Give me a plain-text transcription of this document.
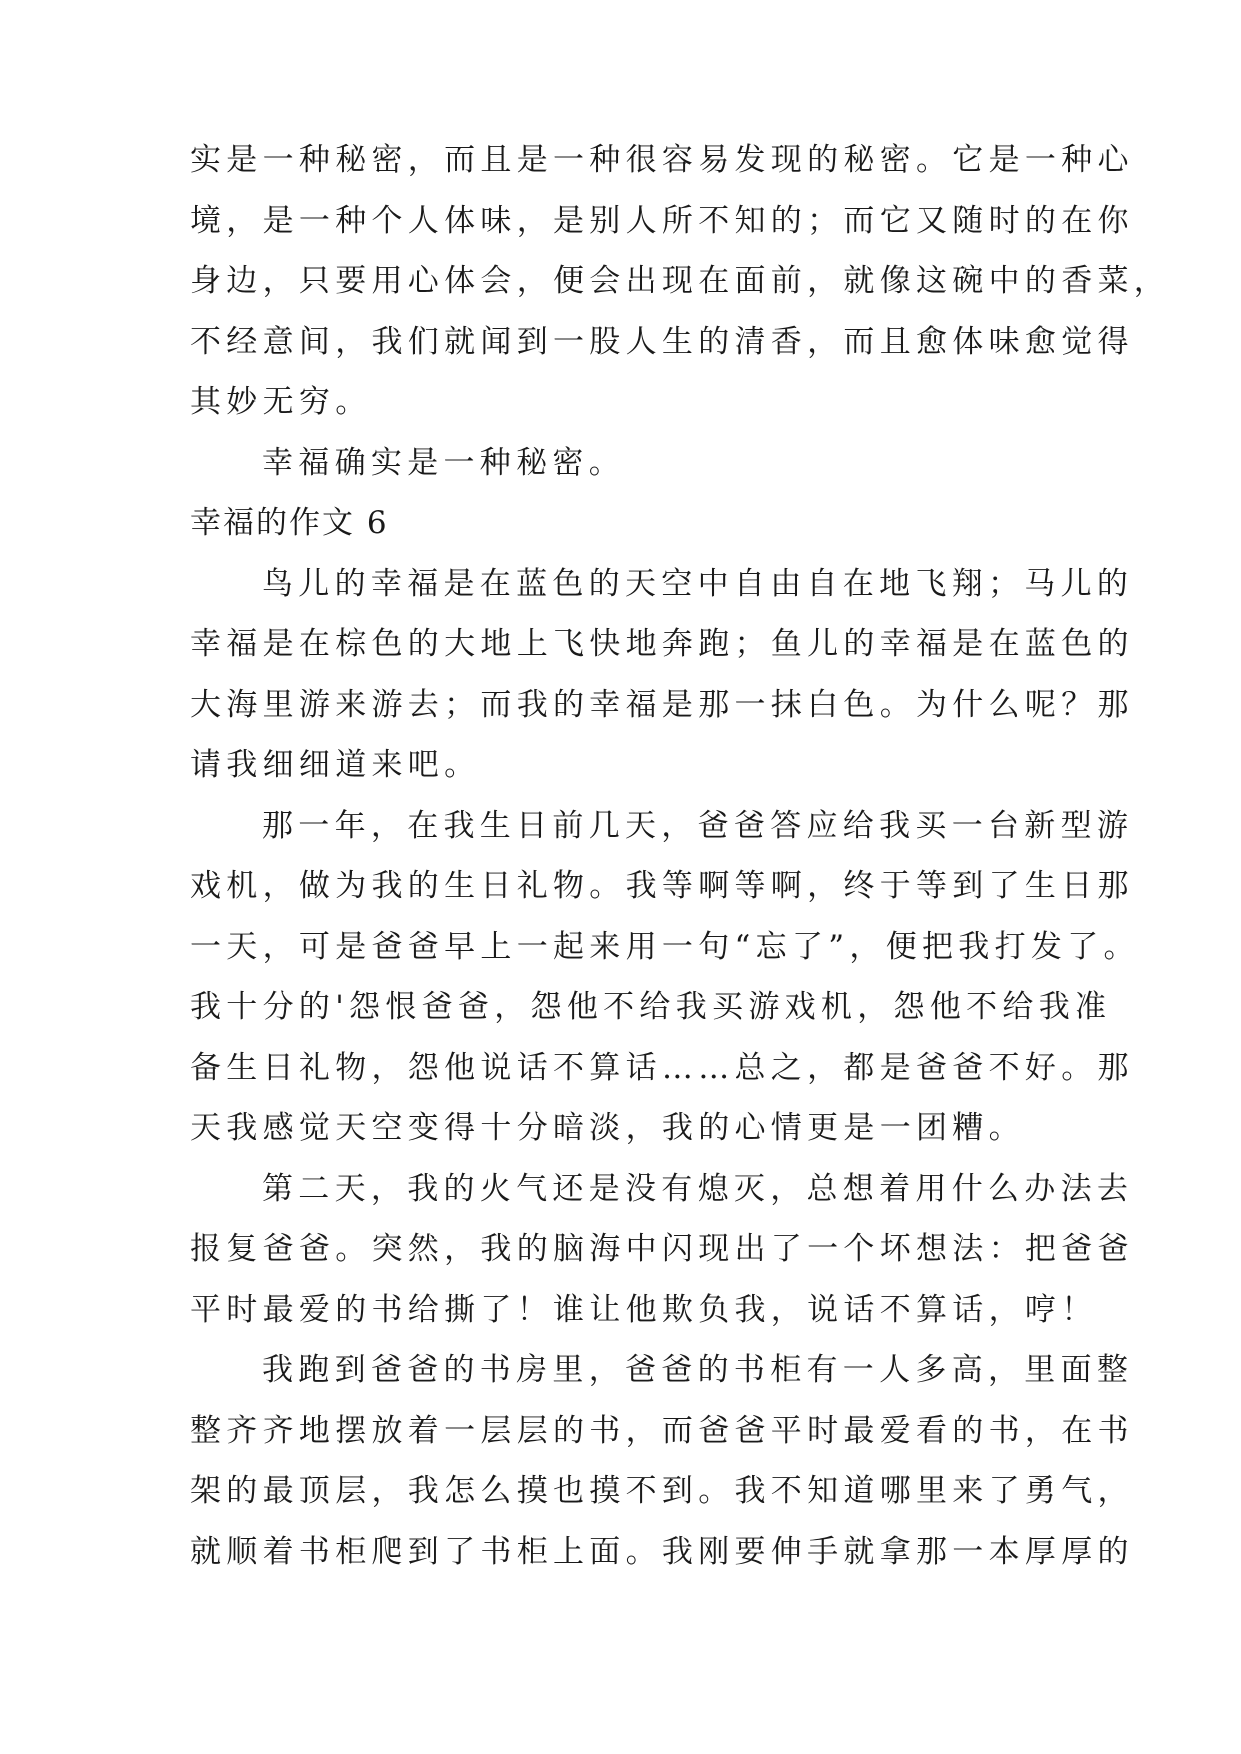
实是一种秘密，而且是一种很容易发现的秘密。它是一种心
境，是一种个人体味，是别人所不知的；而它又随时的在你
身边，只要用心体会，便会出现在面前，就像这碗中的香菜，
不经意间，我们就闻到一股人生的清香，而且愈体味愈觉得
其妙无穷。
幸福确实是一种秘密。
幸福的作文 6
鸟儿的幸福是在蓝色的天空中自由自在地飞翔；马儿的
幸福是在棕色的大地上飞快地奔跑；鱼儿的幸福是在蓝色的
大海里游来游去；而我的幸福是那一抹白色。为什么呢？那
请我细细道来吧。
那一年，在我生日前几天，爸爸答应给我买一台新型游
戏机，做为我的生日礼物。我等啊等啊，终于等到了生日那
一天，可是爸爸早上一起来用一句“忘了”，便把我打发了。
我十分的'怨恨爸爸，怨他不给我买游戏机，怨他不给我准
备生日礼物，怨他说话不算话……总之，都是爸爸不好。那
天我感觉天空变得十分暗淡，我的心情更是一团糟。
第二天，我的火气还是没有熄灭，总想着用什么办法去
报复爸爸。突然，我的脑海中闪现出了一个坏想法：把爸爸
平时最爱的书给撕了！谁让他欺负我，说话不算话，哼！
我跑到爸爸的书房里，爸爸的书柜有一人多高，里面整
整齐齐地摆放着一层层的书，而爸爸平时最爱看的书，在书
架的最顶层，我怎么摸也摸不到。我不知道哪里来了勇气，
就顺着书柜爬到了书柜上面。我刚要伸手就拿那一本厚厚的
